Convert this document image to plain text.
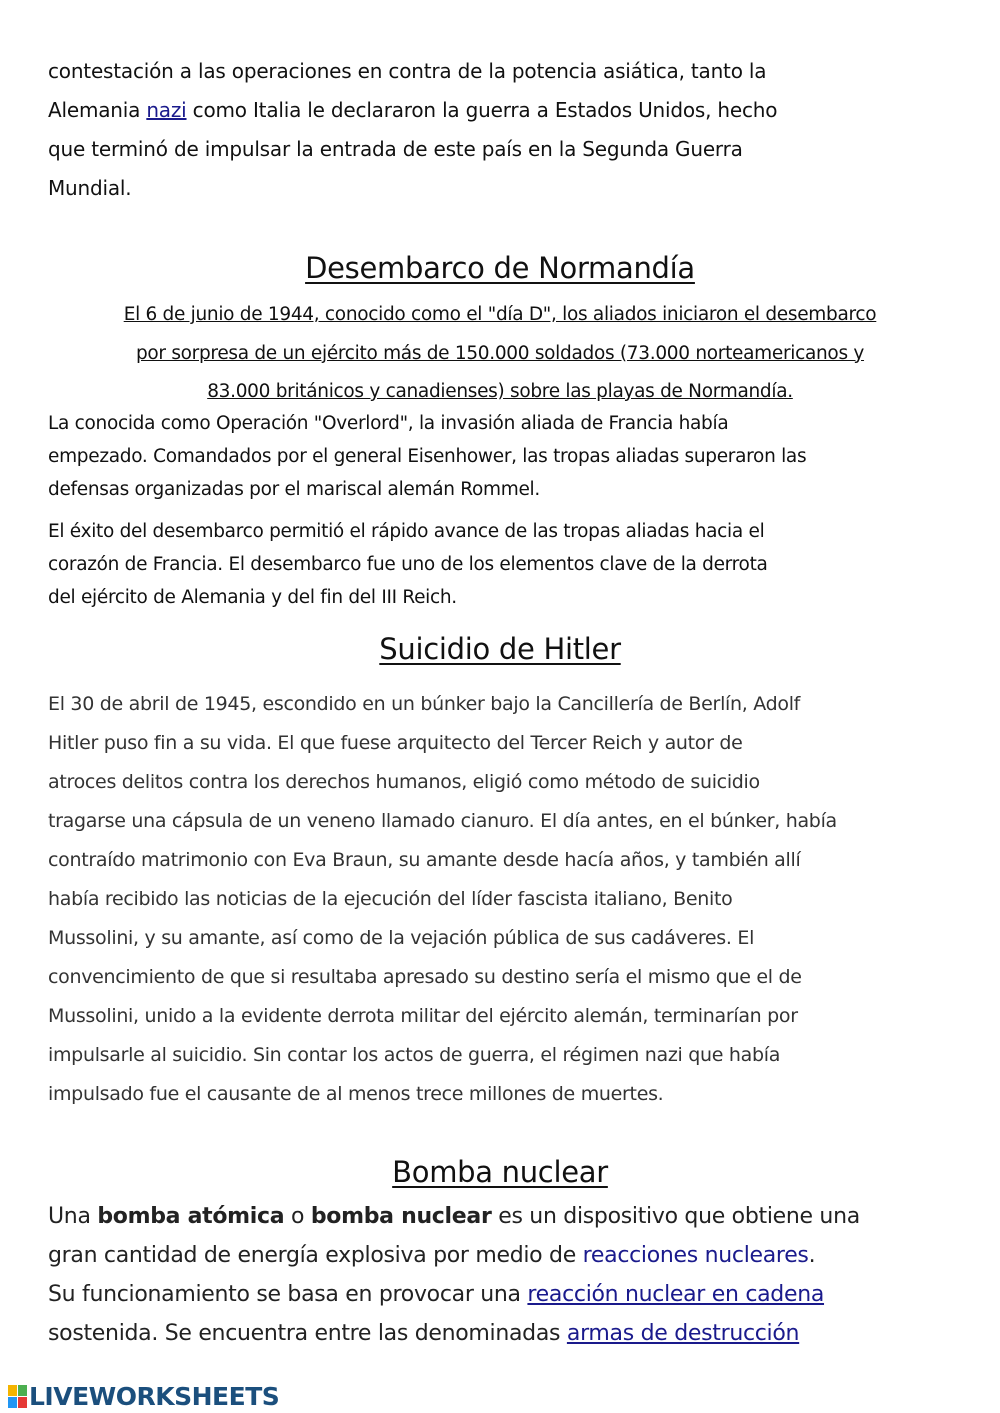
contestación a las operaciones en contra de la potencia asiática, tanto la
Alemania nazi como Italia le declararon la guerra a Estados Unidos, hecho
que terminó de impulsar la entrada de este país en la Segunda Guerra
Mundial.
Desembarco de Normandía
El 6 de junio de 1944, conocido como el "día D", los aliados iniciaron el desembarco
por sorpresa de un ejército más de 150.000 soldados (73.000 norteamericanos y
83.000 británicos y canadienses) sobre las playas de Normandía.
La conocida como Operación "Overlord", la invasión aliada de Francia había
empezado. Comandados por el general Eisenhower, las tropas aliadas superaron las
defensas organizadas por el mariscal alemán Rommel.
El éxito del desembarco permitió el rápido avance de las tropas aliadas hacia el
corazón de Francia. El desembarco fue uno de los elementos clave de la derrota
del ejército de Alemania y del fin del III Reich.
Suicidio de Hitler
El 30 de abril de 1945, escondido en un búnker bajo la Cancillería de Berlín, Adolf
Hitler puso fin a su vida. El que fuese arquitecto del Tercer Reich y autor de
atroces delitos contra los derechos humanos, eligió como método de suicidio
tragarse una cápsula de un veneno llamado cianuro. El día antes, en el búnker, había
contraído matrimonio con Eva Braun, su amante desde hacía años, y también allí
había recibido las noticias de la ejecución del líder fascista italiano, Benito
Mussolini, y su amante, así como de la vejación pública de sus cadáveres. El
convencimiento de que si resultaba apresado su destino sería el mismo que el de
Mussolini, unido a la evidente derrota militar del ejército alemán, terminarían por
impulsarle al suicidio. Sin contar los actos de guerra, el régimen nazi que había
impulsado fue el causante de al menos trece millones de muertes.
Bomba nuclear
Una bomba atómica o bomba nuclear es un dispositivo que obtiene una
gran cantidad de energía explosiva por medio de reacciones nucleares.
Su funcionamiento se basa en provocar una reacción nuclear en cadena
sostenida. Se encuentra entre las denominadas armas de destrucción
LIVEWORKSHEETS
